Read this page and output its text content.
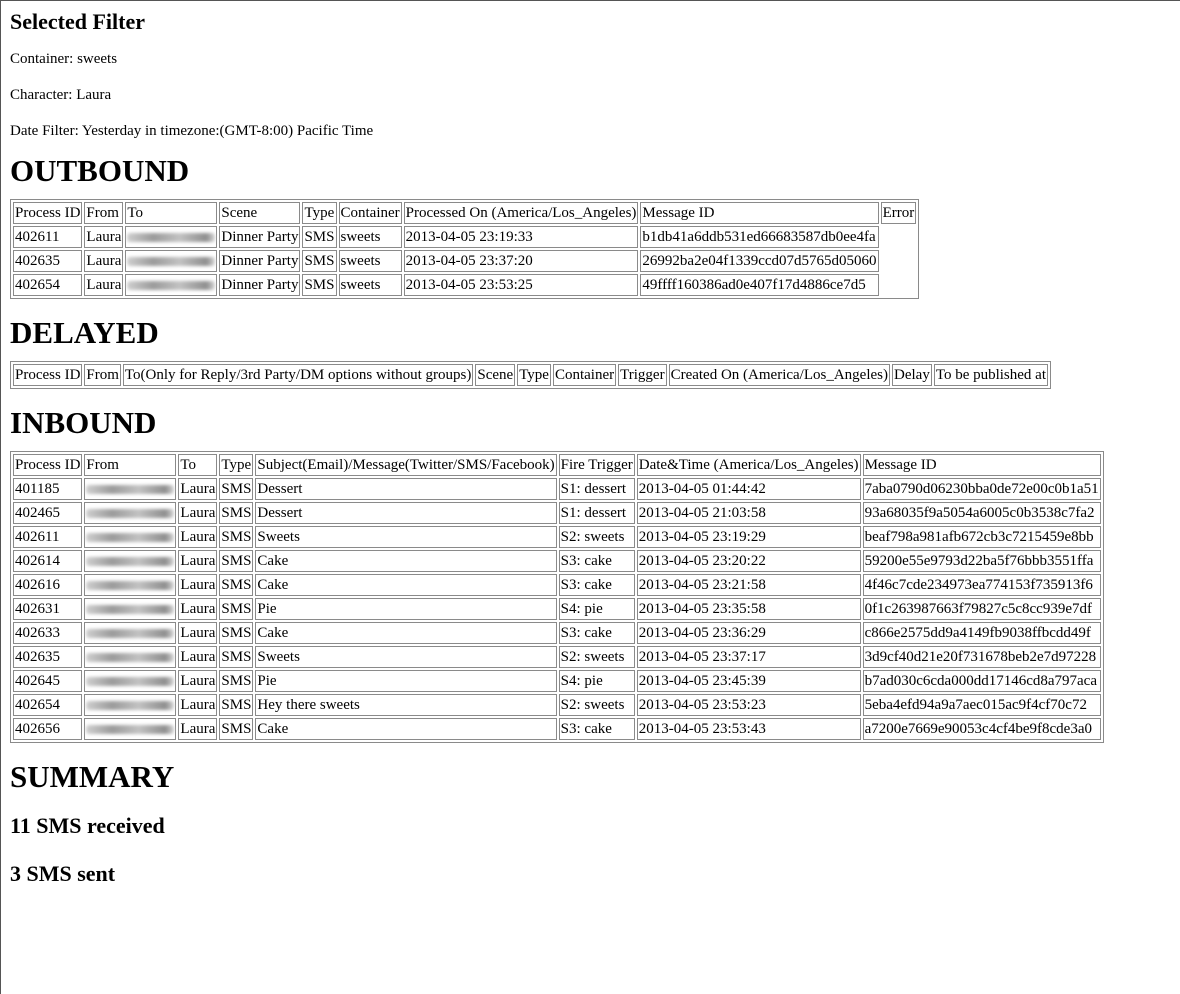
Selected Filter

Container: sweets

Character: Laura

Date Filter: Yesterday in timezone:(GMT-8:00) Pacific Time

OUTBOUND
Process ID	From	To	Scene	Type	Container	Processed On (America/Los_Angeles)	Message ID	Error
402611	Laura		Dinner Party	SMS	sweets	2013-04-05 23:19:33	b1db41a6ddb531ed66683587db0ee4fa	
402635	Laura		Dinner Party	SMS	sweets	2013-04-05 23:37:20	26992ba2e04f1339ccd07d5765d05060	
402654	Laura		Dinner Party	SMS	sweets	2013-04-05 23:53:25	49ffff160386ad0e407f17d4886ce7d5	
DELAYED
Process ID	From	To(Only for Reply/3rd Party/DM options without groups)	Scene	Type	Container	Trigger	Created On (America/Los_Angeles)	Delay	To be published at
INBOUND
Process ID	From	To	Type	Subject(Email)/Message(Twitter/SMS/Facebook)	Fire Trigger	Date&Time (America/Los_Angeles)	Message ID
401185		Laura	SMS	Dessert	S1: dessert	2013-04-05 01:44:42	7aba0790d06230bba0de72e00c0b1a51
402465		Laura	SMS	Dessert	S1: dessert	2013-04-05 21:03:58	93a68035f9a5054a6005c0b3538c7fa2
402611		Laura	SMS	Sweets	S2: sweets	2013-04-05 23:19:29	beaf798a981afb672cb3c7215459e8bb
402614		Laura	SMS	Cake	S3: cake	2013-04-05 23:20:22	59200e55e9793d22ba5f76bbb3551ffa
402616		Laura	SMS	Cake	S3: cake	2013-04-05 23:21:58	4f46c7cde234973ea774153f735913f6
402631		Laura	SMS	Pie	S4: pie	2013-04-05 23:35:58	0f1c263987663f79827c5c8cc939e7df
402633		Laura	SMS	Cake	S3: cake	2013-04-05 23:36:29	c866e2575dd9a4149fb9038ffbcdd49f
402635		Laura	SMS	Sweets	S2: sweets	2013-04-05 23:37:17	3d9cf40d21e20f731678beb2e7d97228
402645		Laura	SMS	Pie	S4: pie	2013-04-05 23:45:39	b7ad030c6cda000dd17146cd8a797aca
402654		Laura	SMS	Hey there sweets	S2: sweets	2013-04-05 23:53:23	5eba4efd94a9a7aec015ac9f4cf70c72
402656		Laura	SMS	Cake	S3: cake	2013-04-05 23:53:43	a7200e7669e90053c4cf4be9f8cde3a0
SUMMARY
11 SMS received
3 SMS sent
